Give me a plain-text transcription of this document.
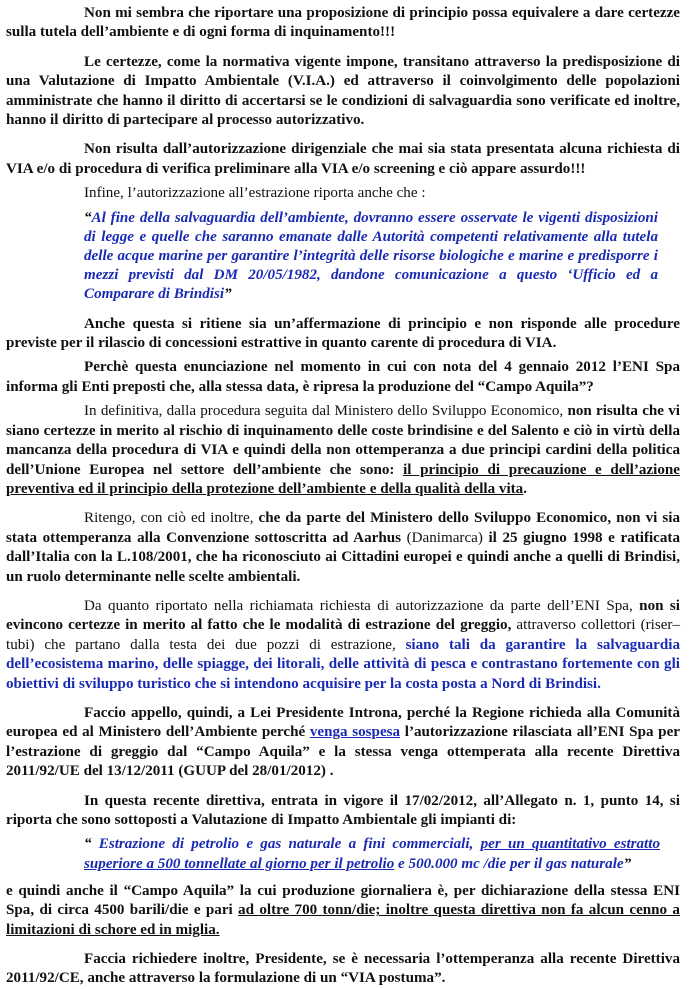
Non mi sembra che riportare una proposizione di principio possa equivalere a dare certezze sulla tutela dell’ambiente e di ogni forma di inquinamento!!!

Le certezze, come la normativa vigente impone, transitano attraverso la predisposizione di una Valutazione di Impatto Ambientale (V.I.A.) ed attraverso il coinvolgimento delle popolazioni amministrate che hanno il diritto di accertarsi se le condizioni di salvaguardia sono verificate ed inoltre, hanno il diritto di partecipare al processo autorizzativo.

Non risulta dall’autorizzazione dirigenziale che mai sia stata presentata alcuna richiesta di VIA e/o di procedura di verifica preliminare alla VIA e/o screening e ciò appare assurdo!!!

Infine, l’autorizzazione all’estrazione riporta anche che :

“Al fine della salvaguardia dell’ambiente, dovranno essere osservate le vigenti disposizioni di legge e quelle che saranno emanate dalle Autorità competenti relativamente alla tutela delle acque marine per garantire l’integrità delle risorse biologiche e marine e predisporre i mezzi previsti dal DM 20/05/1982, dandone comunicazione a questo ‘Ufficio ed a Comparare di Brindisi”

Anche questa si ritiene sia un’affermazione di principio e non risponde alle procedure previste per il rilascio di concessioni estrattive in quanto carente di procedura di VIA.

Perchè questa enunciazione nel momento in cui con nota del 4 gennaio 2012 l’ENI Spa informa gli Enti preposti che, alla stessa data, è ripresa la produzione del “Campo Aquila”?

In definitiva, dalla procedura seguita dal Ministero dello Sviluppo Economico, non risulta che vi siano certezze in merito al rischio di inquinamento delle coste brindisine e del Salento e ciò in virtù della mancanza della procedura di VIA e quindi della non ottemperanza a due principi cardini della politica dell’Unione Europea nel settore dell’ambiente che sono: il principio di precauzione e dell’azione preventiva ed il principio della protezione dell’ambiente e della qualità della vita.

Ritengo, con ciò ed inoltre, che da parte del Ministero dello Sviluppo Economico, non vi sia stata ottemperanza alla Convenzione sottoscritta ad Aarhus (Danimarca) il 25 giugno 1998 e ratificata dall’Italia con la L.108/2001, che ha riconosciuto ai Cittadini europei e quindi anche a quelli di Brindisi, un ruolo determinante nelle scelte ambientali.

Da quanto riportato nella richiamata richiesta di autorizzazione da parte dell’ENI Spa, non si evincono certezze in merito al fatto che le modalità di estrazione del greggio, attraverso collettori (riser–tubi) che partano dalla testa dei due pozzi di estrazione, siano tali da garantire la salvaguardia dell’ecosistema marino, delle spiagge, dei litorali, delle attività di pesca e contrastano fortemente con gli obiettivi di sviluppo turistico che si intendono acquisire per la costa posta a Nord di Brindisi.

Faccio appello, quindi, a Lei Presidente Introna, perché la Regione richieda alla Comunità europea ed al Ministero dell’Ambiente perché venga sospesa l’autorizzazione rilasciata all’ENI Spa per l’estrazione di greggio dal “Campo Aquila” e la stessa venga ottemperata alla recente Direttiva 2011/92/UE del 13/12/2011 (GUUP del 28/01/2012) .

In questa recente direttiva, entrata in vigore il 17/02/2012, all’Allegato n. 1, punto 14, si riporta che sono sottoposti a Valutazione di Impatto Ambientale gli impianti di:

“ Estrazione di petrolio e gas naturale a fini commerciali, per un quantitativo estratto superiore a 500 tonnellate al giorno per il petrolio e 500.000 mc /die per il gas naturale”

e quindi anche il “Campo Aquila” la cui produzione giornaliera è, per dichiarazione della stessa ENI Spa, di circa 4500 barili/die e pari ad oltre 700 tonn/die; inoltre questa direttiva non fa alcun cenno a limitazioni di schore ed in miglia.

Faccia richiedere inoltre, Presidente, se è necessaria l’ottemperanza alla recente Direttiva 2011/92/CE, anche attraverso la formulazione di un “VIA postuma”.
